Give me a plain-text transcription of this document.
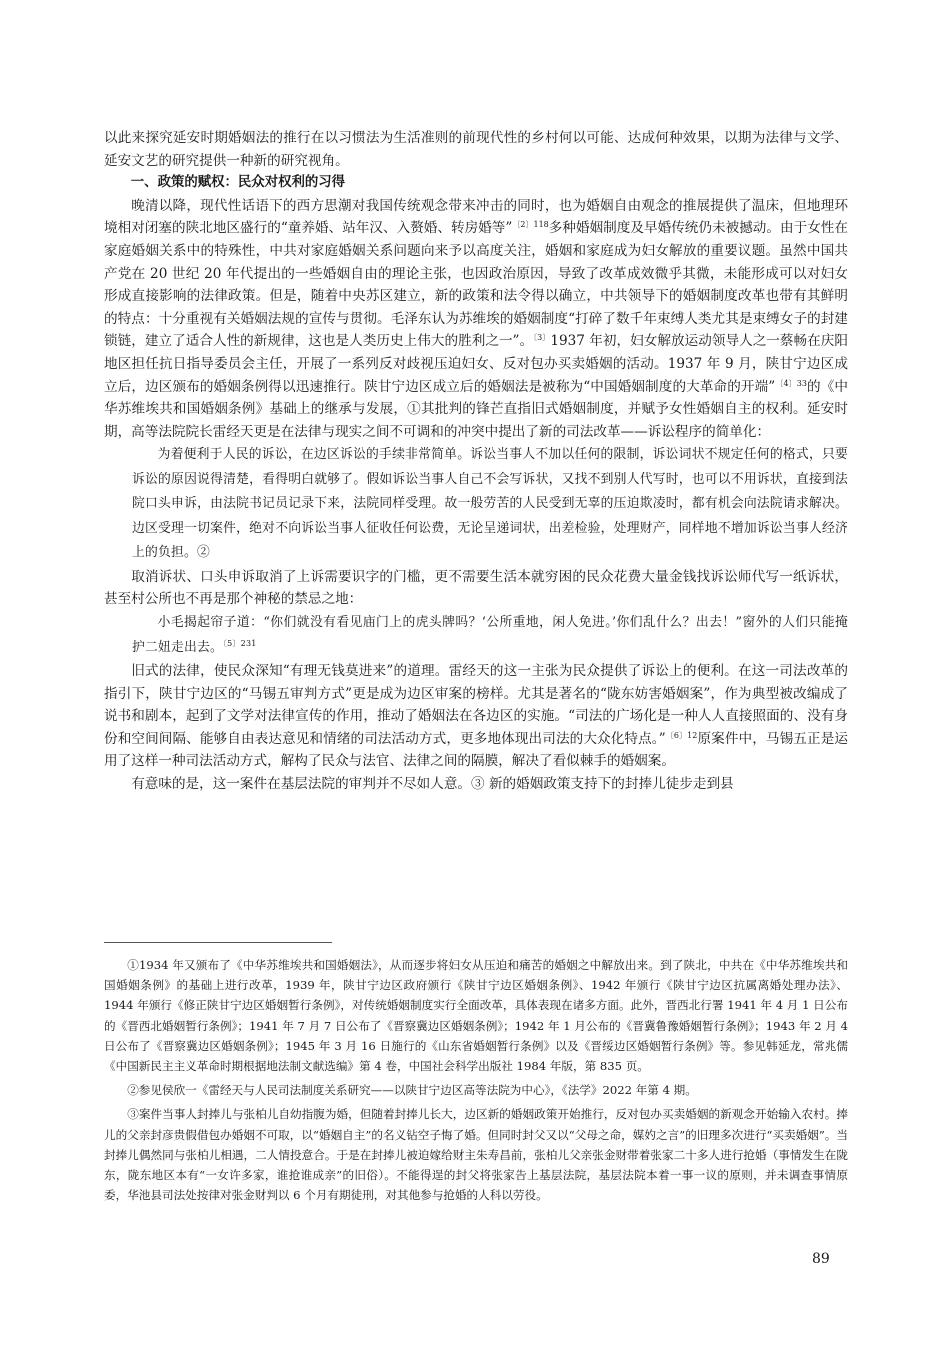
以此来探究延安时期婚姻法的推行在以习惯法为生活准则的前现代性的乡村何以可能、达成何种效果，以期为法律与文学、延安文艺的研究提供一种新的研究视角。

一、政策的赋权：民众对权利的习得

晚清以降，现代性话语下的西方思潮对我国传统观念带来冲击的同时，也为婚姻自由观念的推展提供了温床，但地理环境相对闭塞的陕北地区盛行的“童养婚、站年汉、入赘婚、转房婚等”$^{〔2〕118}$多种婚姻制度及早婚传统仍未被撼动。由于女性在家庭婚姻关系中的特殊性，中共对家庭婚姻关系问题向来予以高度关注，婚姻和家庭成为妇女解放的重要议题。虽然中国共产党在 20 世纪 20 年代提出的一些婚姻自由的理论主张，也因政治原因，导致了改革成效微乎其微，未能形成可以对妇女形成直接影响的法律政策。但是，随着中央苏区建立，新的政策和法令得以确立，中共领导下的婚姻制度改革也带有其鲜明的特点：十分重视有关婚姻法规的宣传与贯彻。毛泽东认为苏维埃的婚姻制度“打碎了数千年束缚人类尤其是束缚女子的封建锁链，建立了适合人性的新规律，这也是人类历史上伟大的胜利之一”。$^{〔3〕}$1937 年初，妇女解放运动领导人之一蔡畅在庆阳地区担任抗日指导委员会主任，开展了一系列反对歧视压迫妇女、反对包办买卖婚姻的活动。1937 年 9 月，陕甘宁边区成立后，边区颁布的婚姻条例得以迅速推行。陕甘宁边区成立后的婚姻法是被称为“中国婚姻制度的大革命的开端”$^{〔4〕33}$的《中华苏维埃共和国婚姻条例》基础上的继承与发展，①其批判的锋芒直指旧式婚姻制度，并赋予女性婚姻自主的权利。延安时期，高等法院院长雷经天更是在法律与现实之间不可调和的冲突中提出了新的司法改革——诉讼程序的简单化：

为着便利于人民的诉讼，在边区诉讼的手续非常简单。诉讼当事人不加以任何的限制，诉讼词状不规定任何的格式，只要诉讼的原因说得清楚，看得明白就够了。假如诉讼当事人自己不会写诉状，又找不到别人代写时，也可以不用诉状，直接到法院口头申诉，由法院书记员记录下来，法院同样受理。故一般劳苦的人民受到无辜的压迫欺凌时，都有机会向法院请求解决。边区受理一切案件，绝对不向诉讼当事人征收任何讼费，无论呈递词状，出差检验，处理财产，同样地不增加诉讼当事人经济上的负担。②

取消诉状、口头申诉取消了上诉需要识字的门槛，更不需要生活本就穷困的民众花费大量金钱找诉讼师代写一纸诉状，甚至村公所也不再是那个神秘的禁忌之地：

小毛揭起帘子道：“你们就没有看见庙门上的虎头牌吗？‘公所重地，闲人免进。’你们乱什么？出去！”窗外的人们只能掩护二妞走出去。$^{〔5〕231}$

旧式的法律，使民众深知“有理无钱莫进来”的道理。雷经天的这一主张为民众提供了诉讼上的便利。在这一司法改革的指引下，陕甘宁边区的“马锡五审判方式”更是成为边区审案的榜样。尤其是著名的“陇东妨害婚姻案”，作为典型被改编成了说书和剧本，起到了文学对法律宣传的作用，推动了婚姻法在各边区的实施。“司法的广场化是一种人人直接照面的、没有身份和空间间隔、能够自由表达意见和情绪的司法活动方式，更多地体现出司法的大众化特点。”$^{〔6〕12}$原案件中，马锡五正是运用了这样一种司法活动方式，解构了民众与法官、法律之间的隔膜，解决了看似棘手的婚姻案。

有意味的是，这一案件在基层法院的审判并不尽如人意。③ 新的婚姻政策支持下的封捧儿徒步走到县

①1934 年又颁布了《中华苏维埃共和国婚姻法》，从而逐步将妇女从压迫和痛苦的婚姻之中解放出来。到了陕北，中共在《中华苏维埃共和国婚姻条例》的基础上进行改革，1939 年，陕甘宁边区政府颁行《陕甘宁边区婚姻条例》、1942 年颁行《陕甘宁边区抗属离婚处理办法》、1944 年颁行《修正陕甘宁边区婚姻暂行条例》，对传统婚姻制度实行全面改革，具体表现在诸多方面。此外，晋西北行署 1941 年 4 月 1 日公布的《晋西北婚姻暂行条例》；1941 年 7 月 7 日公布了《晋察冀边区婚姻条例》；1942 年 1 月公布的《晋冀鲁豫婚姻暂行条例》；1943 年 2 月 4 日公布了《晋察冀边区婚姻条例》；1945 年 3 月 16 日施行的《山东省婚姻暂行条例》以及《晋绥边区婚姻暂行条例》等。参见韩延龙，常兆儒《中国新民主主义革命时期根据地法制文献选编》第 4 卷，中国社会科学出版社 1984 年版，第 835 页。

②参见侯欣一《雷经天与人民司法制度关系研究——以陕甘宁边区高等法院为中心》，《法学》2022 年第 4 期。

③案件当事人封捧儿与张柏儿自幼指腹为婚，但随着封捧儿长大，边区新的婚姻政策开始推行，反对包办买卖婚姻的新观念开始输入农村。捧儿的父亲封彦贵假借包办婚姻不可取，以“婚姻自主”的名义钻空子悔了婚。但同时封父又以“父母之命，媒妁之言”的旧理多次进行“买卖婚姻”。当封捧儿偶然同与张柏儿相遇，二人情投意合。于是在封捧儿被迫嫁给财主朱寿昌前，张柏儿父亲张金财带着张家二十多人进行抢婚（事情发生在陇东，陇东地区本有“一女许多家，谁抢谁成亲”的旧俗）。不能得逞的封父将张家告上基层法院，基层法院本着一事一议的原则，并未调查事情原委，华池县司法处按律对张金财判以 6 个月有期徒刑，对其他参与抢婚的人科以劳役。

89
